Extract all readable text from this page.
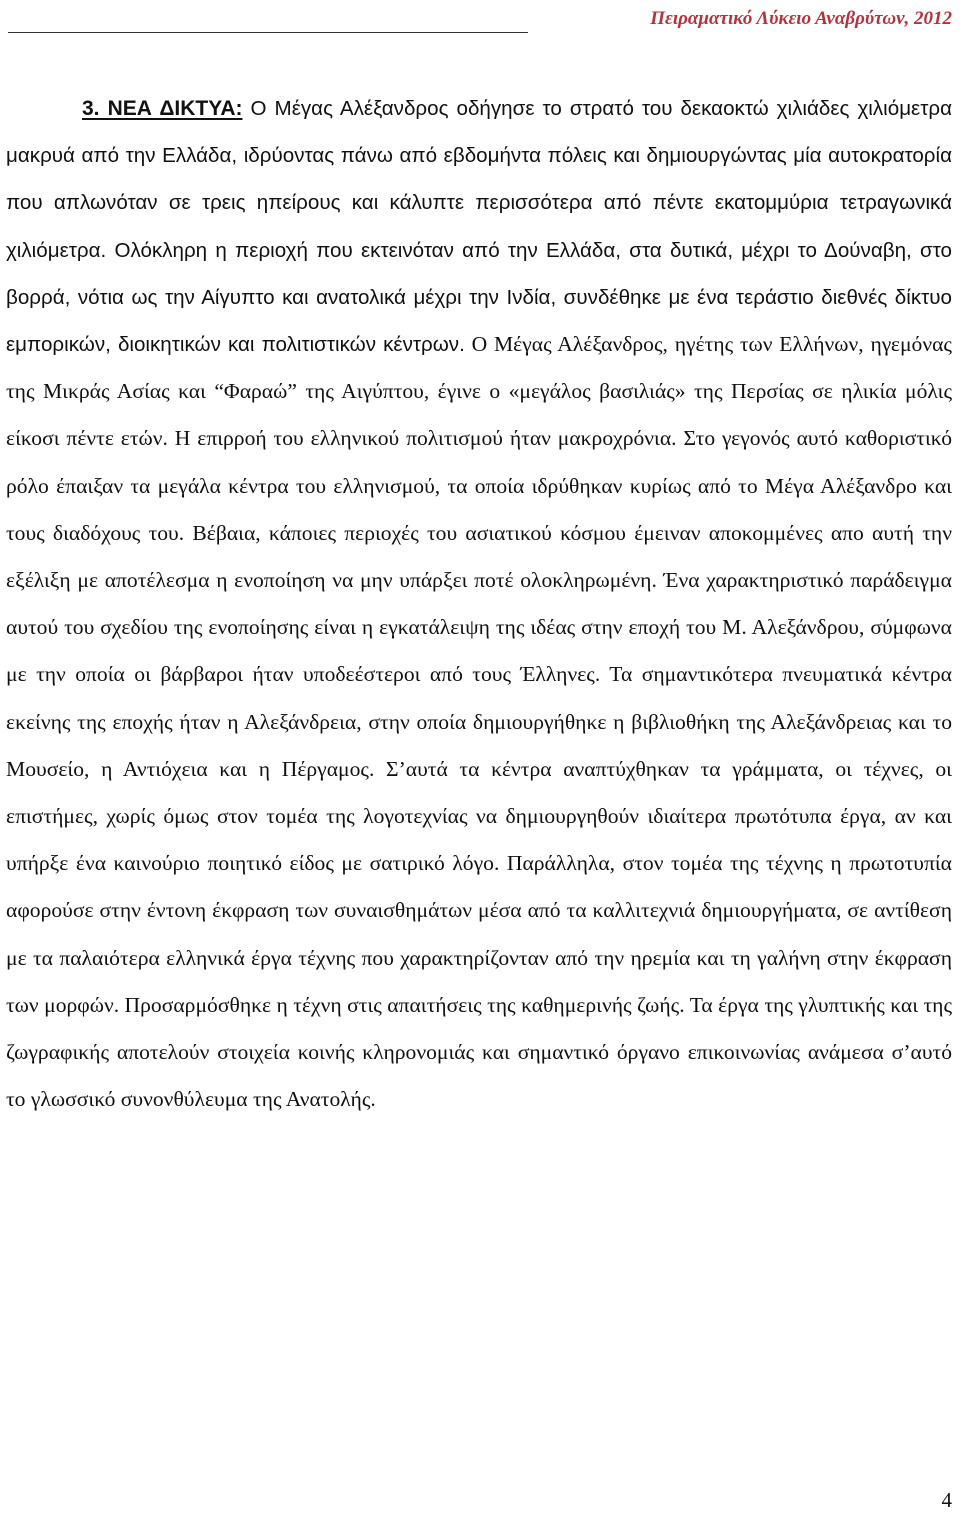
Πειραματικό Λύκειο Αναβρύτων, 2012
3. ΝΕΑ ΔΙΚΤΥΑ: Ο Μέγας Αλέξανδρος οδήγησε το στρατό του δεκαοκτώ χιλιάδες χιλιόμετρα μακρυά από την Ελλάδα, ιδρύοντας πάνω από εβδομήντα πόλεις και δημιουργώντας μία αυτοκρατορία που απλωνόταν σε τρεις ηπείρους και κάλυπτε περισσότερα από πέντε εκατομμύρια τετραγωνικά χιλιόμετρα. Ολόκληρη η περιοχή που εκτεινόταν από την Ελλάδα, στα δυτικά, μέχρι το Δούναβη, στο βορρά, νότια ως την Αίγυπτο και ανατολικά μέχρι την Ινδία, συνδέθηκε με ένα τεράστιο διεθνές δίκτυο εμπορικών, διοικητικών και πολιτιστικών κέντρων. Ο Μέγας Αλέξανδρος, ηγέτης των Ελλήνων, ηγεμόνας της Μικράς Ασίας και “Φαραώ” της Αιγύπτου, έγινε ο «μεγάλος βασιλιάς» της Περσίας σε ηλικία μόλις είκοσι πέντε ετών. Η επιρροή του ελληνικού πολιτισμού ήταν μακροχρόνια. Στο γεγονός αυτό καθοριστικό ρόλο έπαιξαν τα μεγάλα κέντρα του ελληνισμού, τα οποία ιδρύθηκαν κυρίως από το Μέγα Αλέξανδρο και τους διαδόχους του. Βέβαια, κάποιες περιοχές του ασιατικού κόσμου έμειναν αποκομμένες απο αυτή την εξέλιξη με αποτέλεσμα η ενοποίηση να μην υπάρξει ποτέ ολοκληρωμένη. Ένα χαρακτηριστικό παράδειγμα αυτού του σχεδίου της ενοποίησης είναι η εγκατάλειψη της ιδέας στην εποχή του Μ. Αλεξάνδρου, σύμφωνα με την οποία οι βάρβαροι ήταν υποδεέστεροι από τους Έλληνες. Τα σημαντικότερα πνευματικά κέντρα εκείνης της εποχής ήταν η Αλεξάνδρεια, στην οποία δημιουργήθηκε η βιβλιοθήκη της Αλεξάνδρειας και το Μουσείο, η Αντιόχεια και η Πέργαμος. Σ’αυτά τα κέντρα αναπτύχθηκαν τα γράμματα, οι τέχνες, οι επιστήμες, χωρίς όμως στον τομέα της λογοτεχνίας να δημιουργηθούν ιδιαίτερα πρωτότυπα έργα, αν και υπήρξε ένα καινούριο ποιητικό είδος με σατιρικό λόγο. Παράλληλα, στον τομέα της τέχνης η πρωτοτυπία αφορούσε στην έντονη έκφραση των συναισθημάτων μέσα από τα καλλιτεχνιά δημιουργήματα, σε αντίθεση με τα παλαιότερα ελληνικά έργα τέχνης που χαρακτηρίζονταν από την ηρεμία και τη γαλήνη στην έκφραση των μορφών. Προσαρμόσθηκε η τέχνη στις απαιτήσεις της καθημερινής ζωής. Τα έργα της γλυπτικής και της ζωγραφικής αποτελούν στοιχεία κοινής κληρονομιάς και σημαντικό όργανο επικοινωνίας ανάμεσα σ’αυτό το γλωσσικό συνονθύλευμα της Ανατολής.
4
